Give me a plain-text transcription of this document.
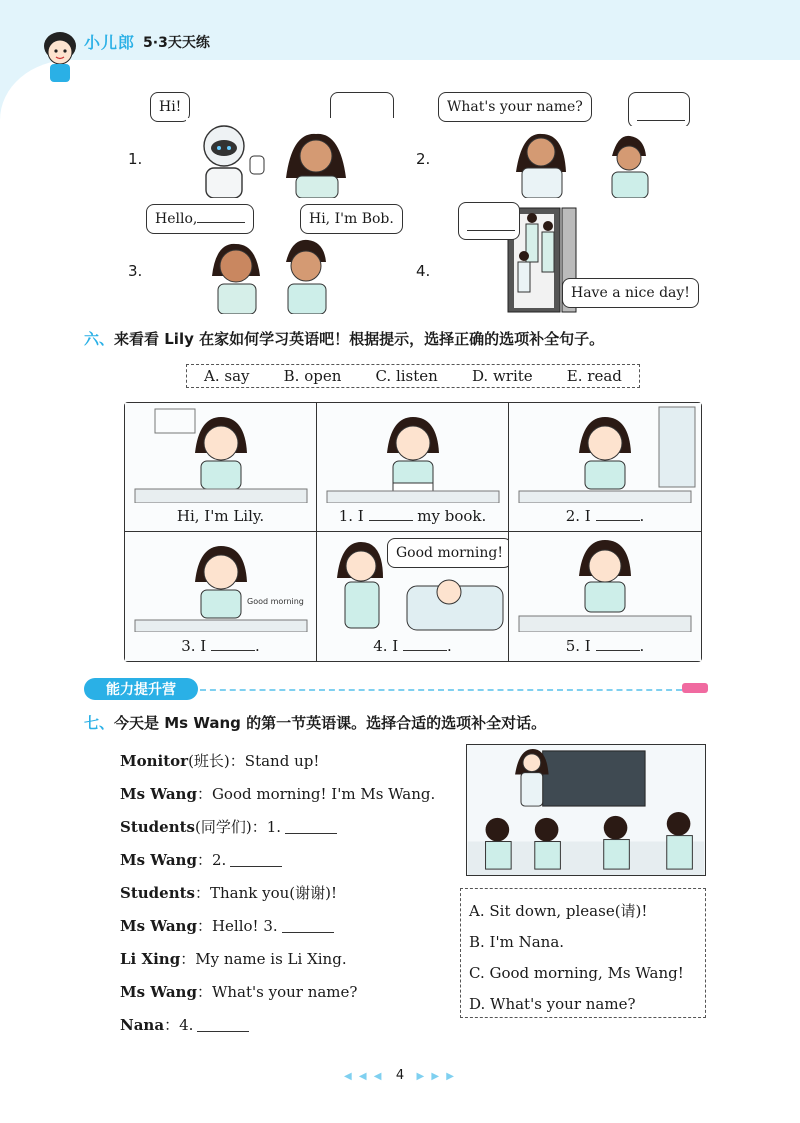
小儿郎 5·3天天练
1.
Hi!
2.
What's your name?
3.
Hello,	Hi, I'm Bob.
4.
Have a nice day!
六、来看看 Lily 在家如何学习英语吧！根据提示，选择正确的选项补全句子。
A. say B. open C. listen D. write E. read
Hi, I'm Lily.	1. I	my book.	2. I	.
Good morning
3. I	.
Good morning!
4. I	.	5. I	.
能力提升营
七、今天是 Ms Wang 的第一节英语课。选择合适的选项补全对话。
Monitor (班长) ： Stand up!
Ms Wang ： Good morning! I'm Ms Wang.
Students (同学们) ： 1.
Ms Wang ： 2.
Students ： Thank you(谢谢)!
Ms Wang ： Hello! 3.
Li Xing ： My name is Li Xing.
Ms Wang ： What's your name?
Nana ： 4.
A. Sit down, please(请)!
B. I'm Nana.
C. Good morning, Ms Wang!
D. What's your name?
◀ ◀ ◀ 4 ▶ ▶ ▶
